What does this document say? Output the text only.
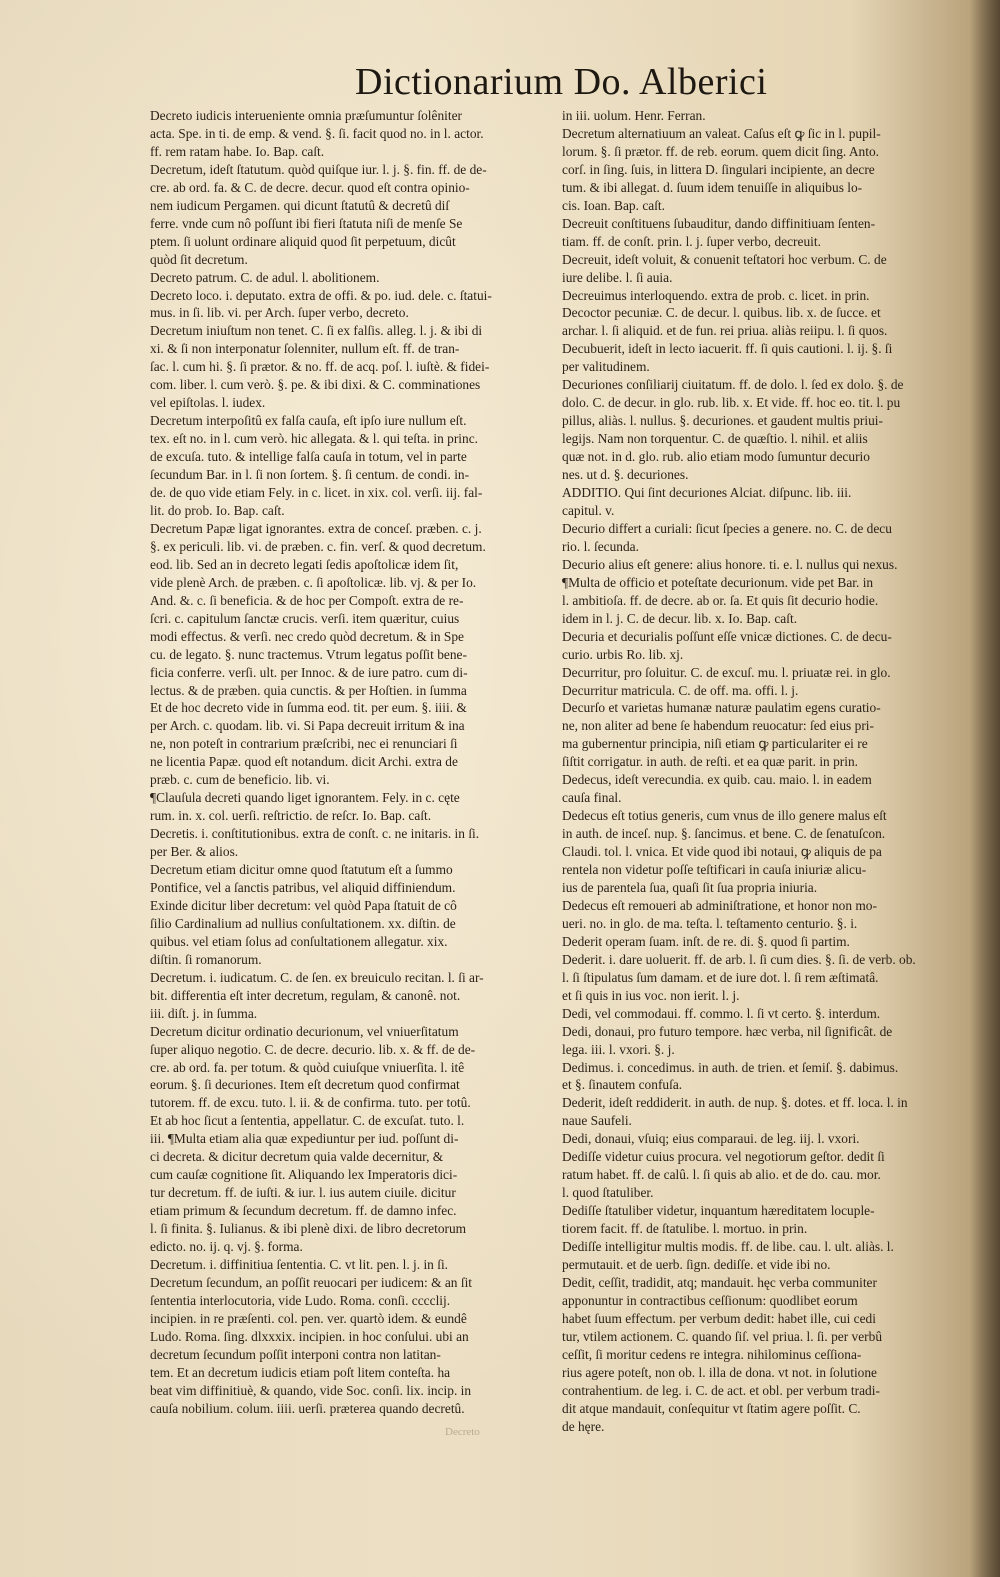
Dictionarium Do. Alberici

Decreto iudicis interueniente omnia præſumuntur ſolêniter
acta. Spe. in ti. de emp. & vend. §. ſi. facit quod no. in l. actor.
ff. rem ratam habe. Io. Bap. caſt.

Decretum, ideſt ſtatutum. quòd quiſque iur. l. j. §. fin. ff. de de-
cre. ab ord. fa. & C. de decre. decur. quod eſt contra opinio-
nem iudicum Pergamen. qui dicunt ſtatutû & decretû diſ
ferre. vnde cum nô poſſunt ibi fieri ſtatuta niſi de menſe Se
ptem. ſi uolunt ordinare aliquid quod ſit perpetuum, dicût
quòd ſit decretum.

Decreto patrum. C. de adul. l. abolitionem.

Decreto loco. i. deputato. extra de offi. & po. iud. dele. c. ſtatui-
mus. in ſi. lib. vi. per Arch. ſuper verbo, decreto.

Decretum iniuſtum non tenet. C. ſi ex falſis. alleg. l. j. & ibi di
xi. & ſi non interponatur ſolenniter, nullum eſt. ff. de tran-
ſac. l. cum hi. §. ſi prætor. & no. ff. de acq. poſ. l. iuſtè. & fidei-
com. liber. l. cum verò. §. pe. & ibi dixi. & C. comminationes
vel epiſtolas. l. iudex.

Decretum interpoſitû ex falſa cauſa, eſt ipſo iure nullum eſt.
tex. eſt no. in l. cum verò. hic allegata. & l. qui teſta. in princ.
de excuſa. tuto. & intellige falſa cauſa in totum, vel in parte
ſecundum Bar. in l. ſi non ſortem. §. ſi centum. de condi. in-
de. de quo vide etiam Fely. in c. licet. in xix. col. verſi. iij. fal-
lit. do prob. Io. Bap. caſt.

Decretum Papæ ligat ignorantes. extra de conceſ. præben. c. j.
§. ex periculi. lib. vi. de præben. c. fin. verſ. & quod decretum.
eod. lib. Sed an in decreto legati ſedis apoſtolicæ idem ſit,
vide plenè Arch. de præben. c. ſi apoſtolicæ. lib. vj. & per Io.
And. &. c. ſi beneficia. & de hoc per Compoſt. extra de re-
ſcri. c. capitulum ſanctæ crucis. verſi. item quæritur, cuius
modi effectus. & verſi. nec credo quòd decretum. & in Spe
cu. de legato. §. nunc tractemus. Vtrum legatus poſſit bene-
ficia conferre. verſi. ult. per Innoc. & de iure patro. cum di-
lectus. & de præben. quia cunctis. & per Hoſtien. in ſumma
Et de hoc decreto vide in ſumma eod. tit. per eum. §. iiii. &
per Arch. c. quodam. lib. vi. Si Papa decreuit irritum & ina
ne, non poteſt in contrarium præſcribi, nec ei renunciari ſi
ne licentia Papæ. quod eſt notandum. dicit Archi. extra de
præb. c. cum de beneficio. lib. vi.

¶Clauſula decreti quando liget ignorantem. Fely. in c. cęte
rum. in. x. col. uerſi. reſtrictio. de reſcr. Io. Bap. caſt.

Decretis. i. conſtitutionibus. extra de conſt. c. ne initaris. in ſi.
per Ber. & alios.

Decretum etiam dicitur omne quod ſtatutum eſt a ſummo
Pontifice, vel a ſanctis patribus, vel aliquid diffiniendum.
Exinde dicitur liber decretum: vel quòd Papa ſtatuit de cô
ſilio Cardinalium ad nullius conſultationem. xx. diſtin. de
quibus. vel etiam ſolus ad conſultationem allegatur. xix.
diſtin. ſi romanorum.

Decretum. i. iudicatum. C. de ſen. ex breuiculo recitan. l. ſi ar-
bit. differentia eſt inter decretum, regulam, & canonê. not.
iii. diſt. j. in ſumma.

Decretum dicitur ordinatio decurionum, vel vniuerſitatum
ſuper aliquo negotio. C. de decre. decurio. lib. x. & ff. de de-
cre. ab ord. fa. per totum. & quòd cuiuſque vniuerſita. l. itê
eorum. §. ſi decuriones. Item eſt decretum quod confirmat
tutorem. ff. de excu. tuto. l. ii. & de confirma. tuto. per totû.
Et ab hoc ſicut a ſententia, appellatur. C. de excuſat. tuto. l.
iii. ¶Multa etiam alia quæ expediuntur per iud. poſſunt di-
ci decreta. & dicitur decretum quia valde decernitur, &
cum cauſæ cognitione ſit. Aliquando lex Imperatoris dici-
tur decretum. ff. de iuſti. & iur. l. ius autem ciuile. dicitur
etiam primum & ſecundum decretum. ff. de damno infec.
l. ſi finita. §. Iulianus. & ibi plenè dixi. de libro decretorum
edicto. no. ij. q. vj. §. forma.

Decretum. i. diffinitiua ſententia. C. vt lit. pen. l. j. in ſi.

Decretum ſecundum, an poſſit reuocari per iudicem: & an ſit
ſententia interlocutoria, vide Ludo. Roma. conſi. cccclij.
incipien. in re præſenti. col. pen. ver. quartò idem. & eundê
Ludo. Roma. ſing. dlxxxix. incipien. in hoc conſului. ubi an
decretum ſecundum poſſit interponi contra non latitan-
tem. Et an decretum iudicis etiam poſt litem conteſta. ha
beat vim diffinitiuè, & quando, vide Soc. conſi. lix. incip. in
cauſa nobilium. colum. iiii. uerſi. præterea quando decretû.

in iii. uolum. Henr. Ferran.

Decretum alternatiuum an valeat. Caſus eſt ꝙ ſic in l. pupil-
lorum. §. ſi prætor. ff. de reb. eorum. quem dicit ſing. Anto.
corſ. in ſing. ſuis, in littera D. ſingulari incipiente, an decre
tum. & ibi allegat. d. ſuum idem tenuiſſe in aliquibus lo-
cis. Ioan. Bap. caſt.

Decreuit conſtituens ſubauditur, dando diffinitiuam ſenten-
tiam. ff. de conſt. prin. l. j. ſuper verbo, decreuit.

Decreuit, ideſt voluit, & conuenit teſtatori hoc verbum. C. de
iure delibe. l. ſi auia.

Decreuimus interloquendo. extra de prob. c. licet. in prin.

Decoctor pecuniæ. C. de decur. l. quibus. lib. x. de ſucce. et
archar. l. ſi aliquid. et de fun. rei priua. aliàs reiipu. l. ſi quos.

Decubuerit, ideſt in lecto iacuerit. ff. ſi quis cautioni. l. ij. §. ſi
per valitudinem.

Decuriones conſiliarij ciuitatum. ff. de dolo. l. ſed ex dolo. §. de
dolo. C. de decur. in glo. rub. lib. x. Et vide. ff. hoc eo. tit. l. pu
pillus, aliàs. l. nullus. §. decuriones. et gaudent multis priui-
legijs. Nam non torquentur. C. de quæſtio. l. nihil. et aliis
quæ not. in d. glo. rub. alio etiam modo ſumuntur decurio
nes. ut d. §. decuriones.

ADDITIO. Qui ſint decuriones Alciat. diſpunc. lib. iii.
capitul. v.

Decurio differt a curiali: ſicut ſpecies a genere. no. C. de decu
rio. l. ſecunda.

Decurio alius eſt genere: alius honore. ti. e. l. nullus qui nexus.
¶Multa de officio et poteſtate decurionum. vide pet Bar. in
l. ambitioſa. ff. de decre. ab or. ſa. Et quis ſit decurio hodie.
idem in l. j. C. de decur. lib. x. Io. Bap. caſt.

Decuria et decurialis poſſunt eſſe vnicæ dictiones. C. de decu-
curio. urbis Ro. lib. xj.

Decurritur, pro ſoluitur. C. de excuſ. mu. l. priuatæ rei. in glo.

Decurritur matricula. C. de off. ma. offi. l. j.

Decurſo et varietas humanæ naturæ paulatim egens curatio-
ne, non aliter ad bene ſe habendum reuocatur: ſed eius pri-
ma gubernentur principia, niſi etiam ꝙ particulariter ei re
ſiſtit corrigatur. in auth. de reſti. et ea quæ parit. in prin.

Dedecus, ideſt verecundia. ex quib. cau. maio. l. in eadem
cauſa final.

Dedecus eſt totius generis, cum vnus de illo genere malus eſt
in auth. de inceſ. nup. §. ſancimus. et bene. C. de ſenatuſcon.
Claudi. tol. l. vnica. Et vide quod ibi notaui, ꝙ aliquis de pa
rentela non videtur poſſe teſtificari in cauſa iniuriæ alicu-
ius de parentela ſua, quaſi ſit ſua propria iniuria.

Dedecus eſt remoueri ab adminiſtratione, et honor non mo-
ueri. no. in glo. de ma. teſta. l. teſtamento centurio. §. i.

Dederit operam ſuam. inſt. de re. di. §. quod ſi partim.

Dederit. i. dare uoluerit. ff. de arb. l. ſi cum dies. §. ſi. de verb. ob.
l. ſi ſtipulatus ſum damam. et de iure dot. l. ſi rem æſtimatâ.
et ſi quis in ius voc. non ierit. l. j.

Dedi, vel commodaui. ff. commo. l. ſi vt certo. §. interdum.

Dedi, donaui, pro futuro tempore. hæc verba, nil ſignificât. de
lega. iii. l. vxori. §. j.

Dedimus. i. concedimus. in auth. de trien. et ſemiſ. §. dabimus.
et §. ſinautem confuſa.

Dederit, ideſt reddiderit. in auth. de nup. §. dotes. et ff. loca. l. in
naue Saufeli.

Dedi, donaui, vſuiq; eius comparaui. de leg. iij. l. vxori.

Dediſſe videtur cuius procura. vel negotiorum geſtor. dedit ſi
ratum habet. ff. de calû. l. ſi quis ab alio. et de do. cau. mor.
l. quod ſtatuliber.

Dediſſe ſtatuliber videtur, inquantum hæreditatem locuple-
tiorem facit. ff. de ſtatulibe. l. mortuo. in prin.

Dediſſe intelligitur multis modis. ff. de libe. cau. l. ult. aliàs. l.
permutauit. et de uerb. ſign. dediſſe. et vide ibi no.

Dedit, ceſſit, tradidit, atq; mandauit. hęc verba communiter
apponuntur in contractibus ceſſionum: quodlibet eorum
habet ſuum effectum. per verbum dedit: habet ille, cui cedi
tur, vtilem actionem. C. quando ſiſ. vel priua. l. ſi. per verbû
ceſſit, ſi moritur cedens re integra. nihilominus ceſſiona-
rius agere poteſt, non ob. l. illa de dona. vt not. in ſolutione
contrahentium. de leg. i. C. de act. et obl. per verbum tradi-
dit atque mandauit, conſequitur vt ſtatim agere poſſit. C.
de hęre.

Decreto
